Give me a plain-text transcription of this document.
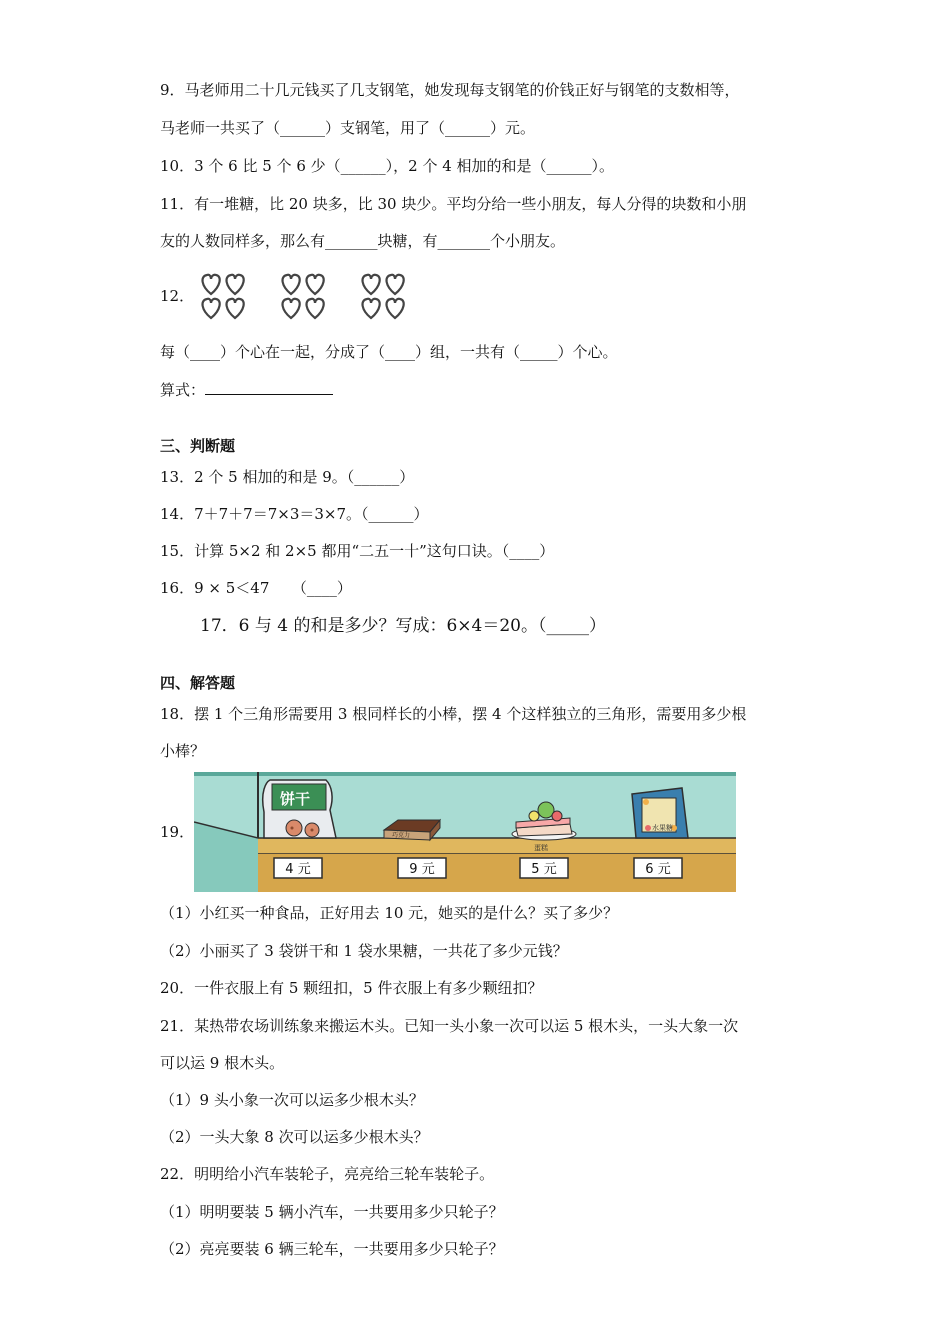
9．马老师用二十几元钱买了几支钢笔，她发现每支钢笔的价钱正好与钢笔的支数相等，
马老师一共买了（______）支钢笔，用了（______）元。
10．3 个 6 比 5 个 6 少（______），2 个 4 相加的和是（______）。
11．有一堆糖，比 20 块多，比 30 块少。平均分给一些小朋友，每人分得的块数和小朋
友的人数同样多，那么有_______块糖，有_______个小朋友。
12．
每（____）个心在一起，分成了（____）组，一共有（_____）个心。
算式：
三、判断题
13．2 个 5 相加的和是 9。（______）
14．7＋7＋7＝7×3＝3×7。（______）
15．计算 5×2 和 2×5 都用“二五一十”这句口诀。（____）
16．9 × 5＜47　　（____）
17．6 与 4 的和是多少？写成：6×4＝20。（_____）
四、解答题
18．摆 1 个三角形需要用 3 根同样长的小棒，摆 4 个这样独立的三角形，需要用多少根
小棒？
19．
饼干
巧克力
蛋糕
水果糖
4 元	9 元	5 元	6 元
（1）小红买一种食品，正好用去 10 元，她买的是什么？买了多少？
（2）小丽买了 3 袋饼干和 1 袋水果糖，一共花了多少元钱？
20．一件衣服上有 5 颗纽扣，5 件衣服上有多少颗纽扣？
21．某热带农场训练象来搬运木头。已知一头小象一次可以运 5 根木头，一头大象一次
可以运 9 根木头。
（1）9 头小象一次可以运多少根木头？
（2）一头大象 8 次可以运多少根木头？
22．明明给小汽车装轮子，亮亮给三轮车装轮子。
（1）明明要装 5 辆小汽车，一共要用多少只轮子？
（2）亮亮要装 6 辆三轮车，一共要用多少只轮子？
